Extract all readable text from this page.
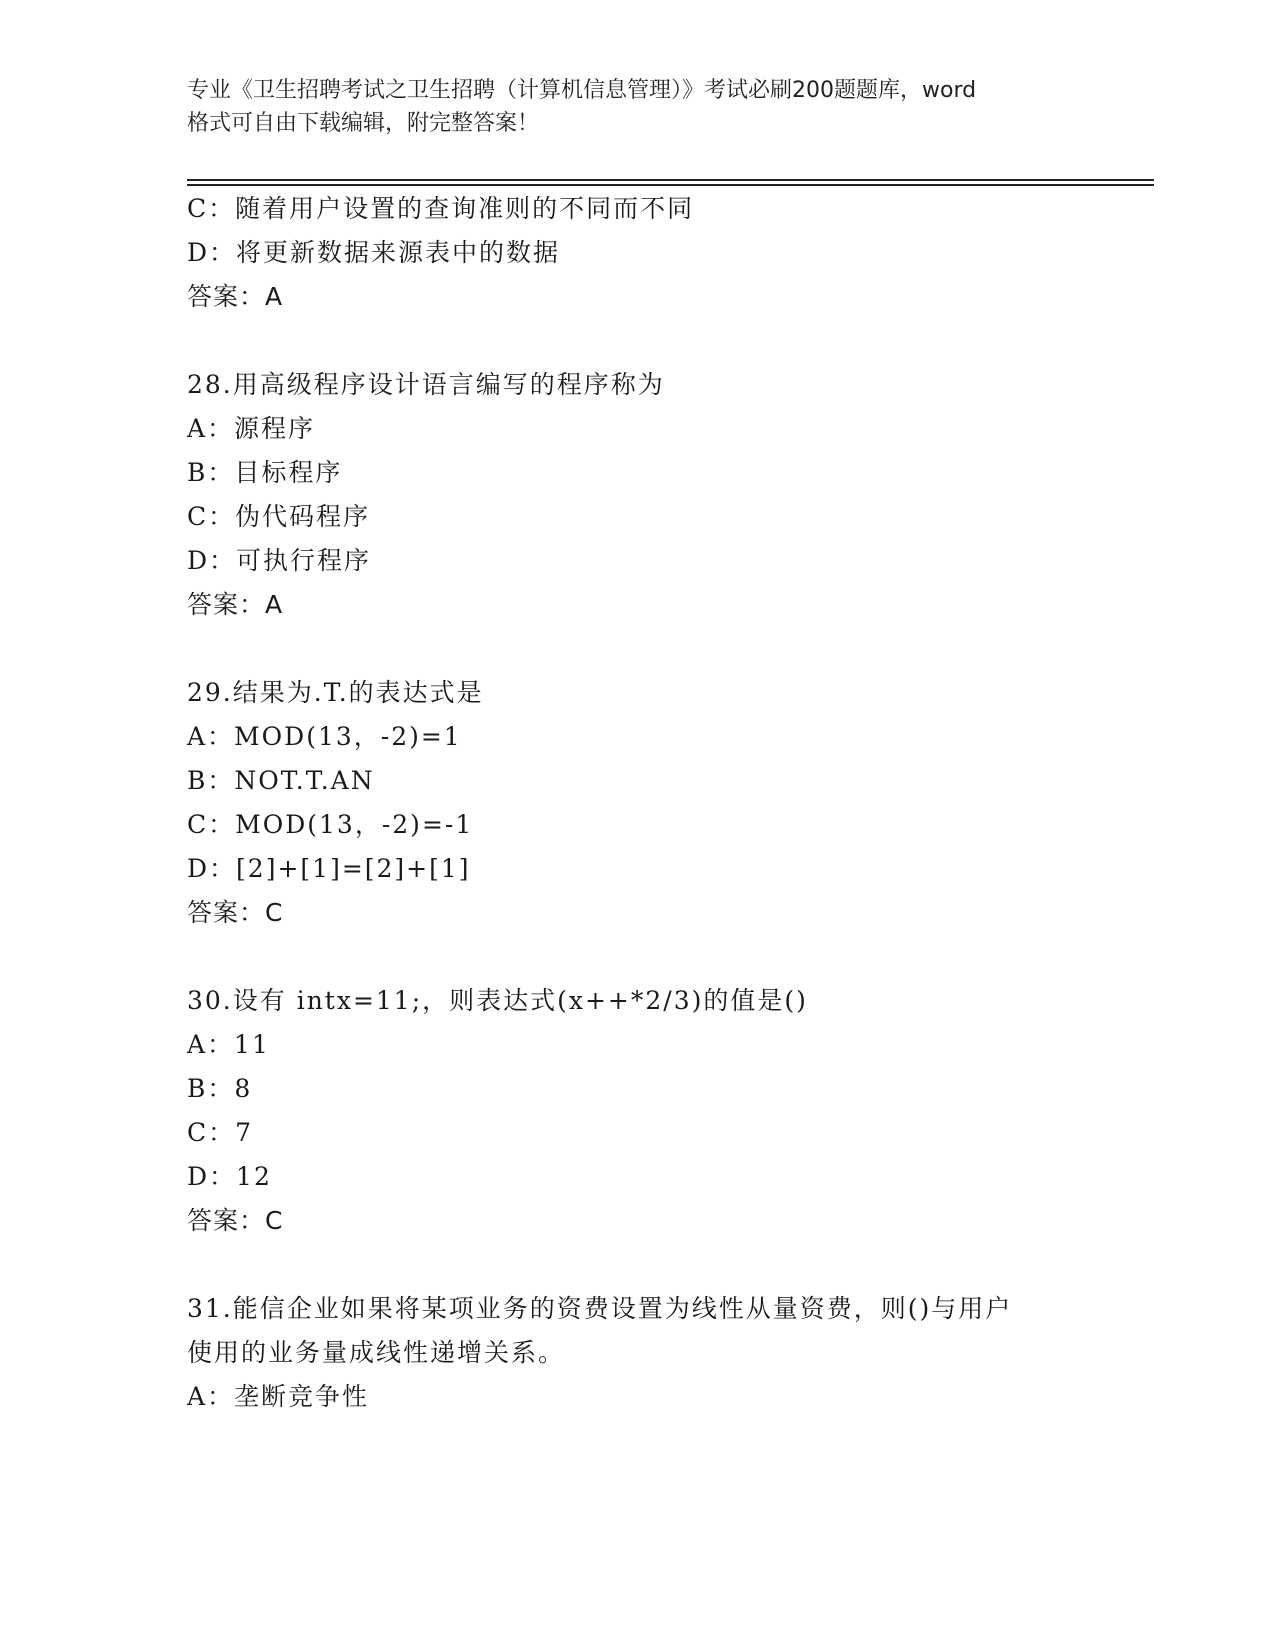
专业《卫生招聘考试之卫生招聘（计算机信息管理）》考试必刷200题题库，word
格式可自由下载编辑，附完整答案！
C：随着用户设置的查询准则的不同而不同
D：将更新数据来源表中的数据
答案：A
28.用高级程序设计语言编写的程序称为
A：源程序
B：目标程序
C：伪代码程序
D：可执行程序
答案：A
29.结果为.T.的表达式是
A：MOD(13，-2)=1
B：NOT.T.AN
C：MOD(13，-2)=-1
D：[2]+[1]=[2]+[1]
答案：C
30.设有 intx=11;，则表达式(x++*2/3)的值是()
A：11
B：8
C：7
D：12
答案：C
31.能信企业如果将某项业务的资费设置为线性从量资费，则()与用户
使用的业务量成线性递增关系。
A：垄断竞争性
